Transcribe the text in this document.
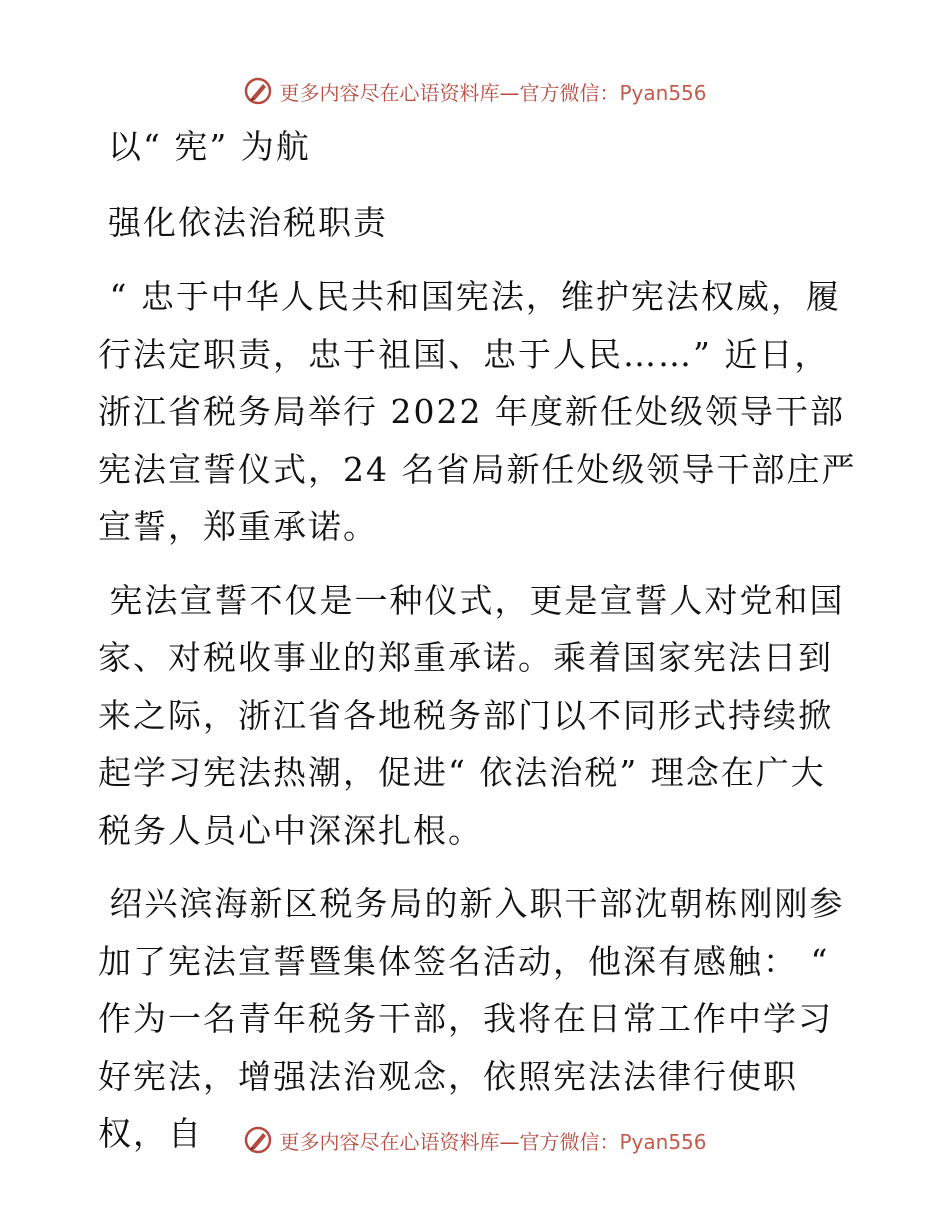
更多内容尽在心语资料库—官方微信：Pyan556
以“ 宪” 为航
强化依法治税职责

“ 忠于中华人民共和国宪法，维护宪法权威，履行法定职责，忠于祖国、忠于人民……” 近日，浙江省税务局举行 2022 年度新任处级领导干部宪法宣誓仪式，24 名省局新任处级领导干部庄严宣誓，郑重承诺。

宪法宣誓不仅是一种仪式，更是宣誓人对党和国家、对税收事业的郑重承诺。乘着国家宪法日到来之际，浙江省各地税务部门以不同形式持续掀起学习宪法热潮，促进“ 依法治税” 理念在广大税务人员心中深深扎根。

绍兴滨海新区税务局的新入职干部沈朝栋刚刚参加了宪法宣誓暨集体签名活动，他深有感触： “ 作为一名青年税务干部，我将在日常工作中学习好宪法，增强法治观念，依照宪法法律行使职权，自	更多内容尽在心语资料库—官方微信：Pyan556
